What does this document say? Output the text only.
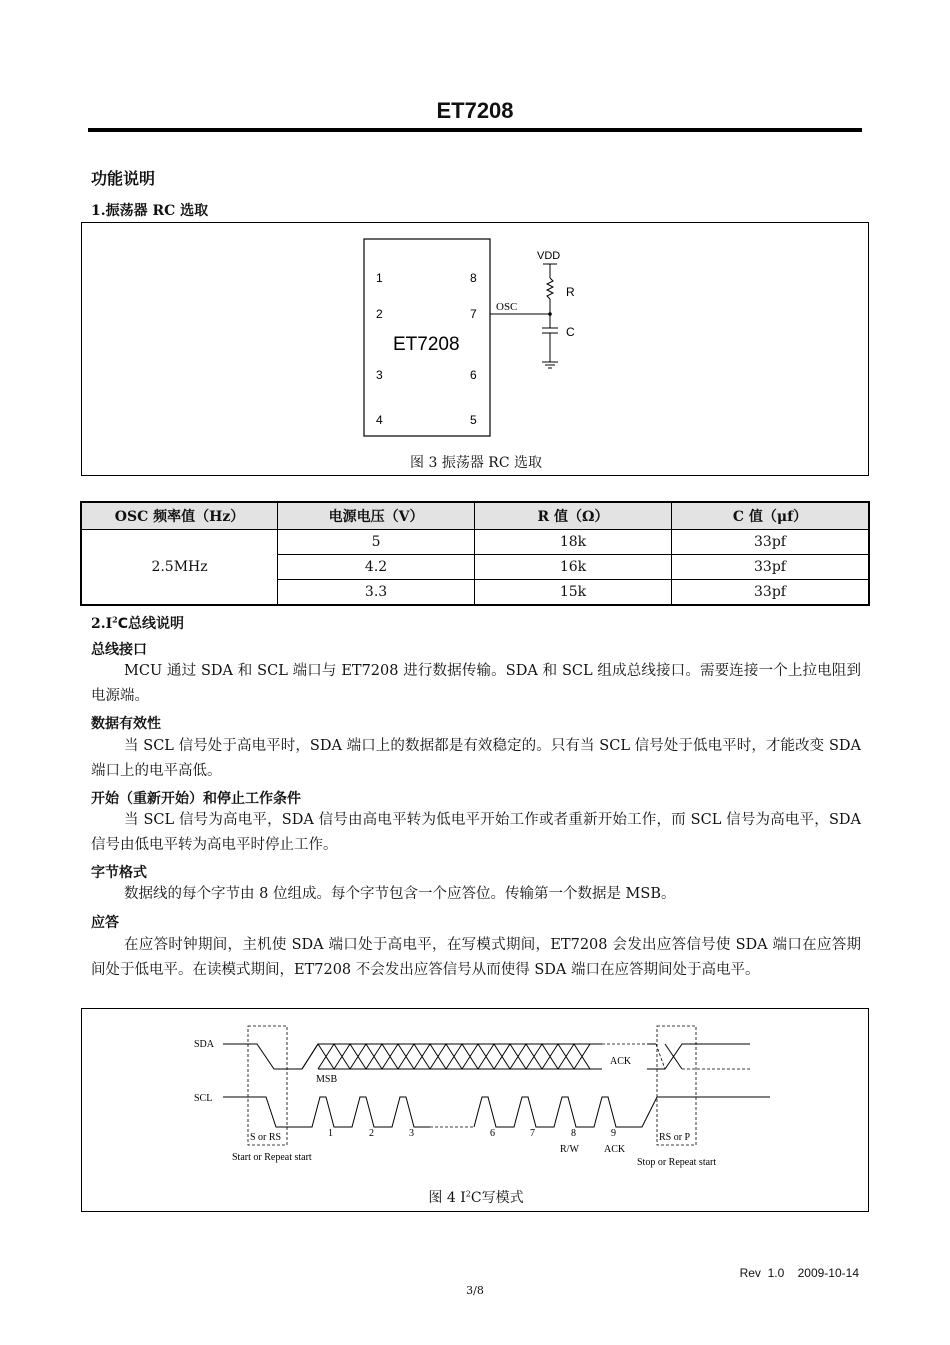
ET7208
功能说明
1.振荡器 RC 选取
1
2
3
4
8
7
6
5
ET7208
OSC
VDD
R
C
图 3 振荡器 RC 选取
OSC 频率值（Hz）	电源电压（V）	R 值（Ω）	C 值（μf）
2.5MHz	5	18k	33pf
	4.2	16k	33pf
	3.3	15k	33pf
$2.I^2C$总线说明
总线接口
MCU 通过 SDA 和 SCL 端口与 ET7208 进行数据传输。SDA 和 SCL 组成总线接口。需要连接一个上拉电阻到电源端。
数据有效性
当 SCL 信号处于高电平时，SDA 端口上的数据都是有效稳定的。只有当 SCL 信号处于低电平时，才能改变 SDA 端口上的电平高低。
开始（重新开始）和停止工作条件
当 SCL 信号为高电平，SDA 信号由高电平转为低电平开始工作或者重新开始工作，而 SCL 信号为高电平，SDA 信号由低电平转为高电平时停止工作。
字节格式
数据线的每个字节由 8 位组成。每个字节包含一个应答位。传输第一个数据是 MSB。
应答
在应答时钟期间，主机使 SDA 端口处于高电平，在写模式期间，ET7208 会发出应答信号使 SDA 端口在应答期间处于低电平。在读模式期间，ET7208 不会发出应答信号从而使得 SDA 端口在应答期间处于高电平。
SDA
SCL
MSB
ACK
S or RS	RS or P
1	2	3	6	7	8	9
R/W	ACK
Start or Repeat start	Stop or Repeat start
图 4 $I^2C$写模式
Rev  1.0    2009-10-14
3/8
